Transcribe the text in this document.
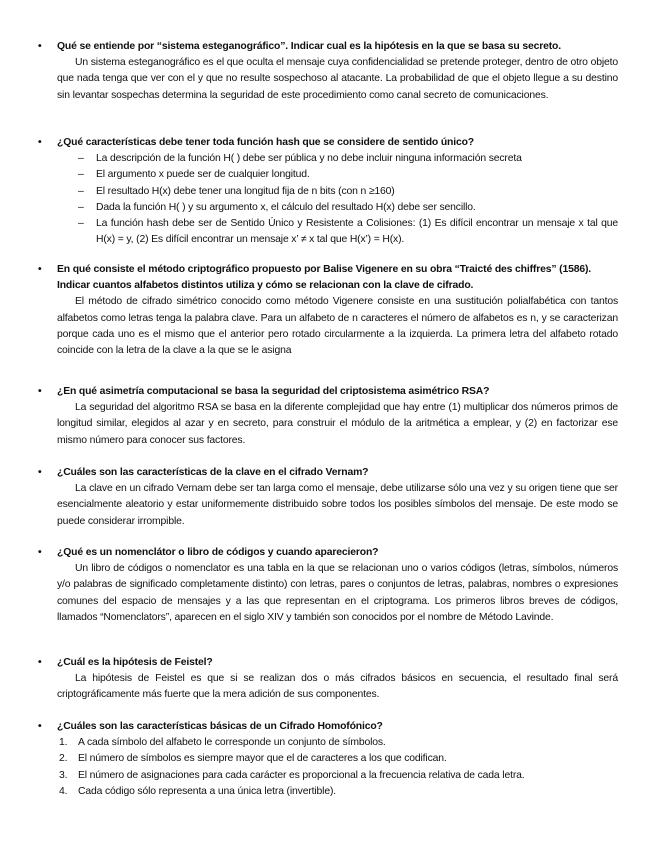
• Qué se entiende por “sistema esteganográfico”. Indicar cual es la hipótesis en la que se basa su secreto.
Un sistema esteganográfico es el que oculta el mensaje cuya confidencialidad se pretende proteger, dentro de otro objeto que nada tenga que ver con el y que no resulte sospechoso al atacante. La probabilidad de que el objeto llegue a su destino sin levantar sospechas determina la seguridad de este procedimiento como canal secreto de comunicaciones.
• ¿Qué características debe tener toda función hash que se considere de sentido único?
– La descripción de la función H( ) debe ser pública y no debe incluir ninguna información secreta
– El argumento x puede ser de cualquier longitud.
– El resultado H(x) debe tener una longitud fija de n bits (con n ≥160)
– Dada la función H( ) y su argumento x, el cálculo del resultado H(x) debe ser sencillo.
– La función hash debe ser de Sentido Único y Resistente a Colisiones: (1) Es difícil encontrar un mensaje x tal que H(x) = y, (2) Es difícil encontrar un mensaje x’ ≠ x tal que H(x’) = H(x).
• En qué consiste el método criptográfico propuesto por Balise Vigenere en su obra “Traicté des chiffres” (1586). Indicar cuantos alfabetos distintos utiliza y cómo se relacionan con la clave de cifrado.
El método de cifrado simétrico conocido como método Vigenere consiste en una sustitución polialfabética con tantos alfabetos como letras tenga la palabra clave. Para un alfabeto de n caracteres el número de alfabetos es n, y se caracterizan porque cada uno es el mismo que el anterior pero rotado circularmente a la izquierda. La primera letra del alfabeto rotado coincide con la letra de la clave a la que se le asigna
• ¿En qué asimetría computacional se basa la seguridad del criptosistema asimétrico RSA?
La seguridad del algoritmo RSA se basa en la diferente complejidad que hay entre (1) multiplicar dos números primos de longitud similar, elegidos al azar y en secreto, para construir el módulo de la aritmética a emplear, y (2) en factorizar ese mismo número para conocer sus factores.
• ¿Cuáles son las características de la clave en el cifrado Vernam?
La clave en un cifrado Vernam debe ser tan larga como el mensaje, debe utilizarse sólo una vez y su origen tiene que ser esencialmente aleatorio y estar uniformemente distribuido sobre todos los posibles símbolos del mensaje. De este modo se puede considerar irrompible.
• ¿Qué es un nomenclátor o libro de códigos y cuando aparecieron?
Un libro de códigos o nomenclator es una tabla en la que se relacionan uno o varios códigos (letras, símbolos, números y/o palabras de significado completamente distinto) con letras, pares o conjuntos de letras, palabras, nombres o expresiones comunes del espacio de mensajes y a las que representan en el criptograma. Los primeros libros breves de códigos, llamados “Nomenclators”, aparecen en el siglo XIV y también son conocidos por el nombre de Método Lavinde.
• ¿Cuál es la hipótesis de Feistel?
La hipótesis de Feistel es que si se realizan dos o más cifrados básicos en secuencia, el resultado final será criptográficamente más fuerte que la mera adición de sus componentes.
• ¿Cuáles son las características básicas de un Cifrado Homofónico?
1. A cada símbolo del alfabeto le corresponde un conjunto de símbolos.
2. El número de símbolos es siempre mayor que el de caracteres a los que codifican.
3. El número de asignaciones para cada carácter es proporcional a la frecuencia relativa de cada letra.
4. Cada código sólo representa a una única letra (invertible).
